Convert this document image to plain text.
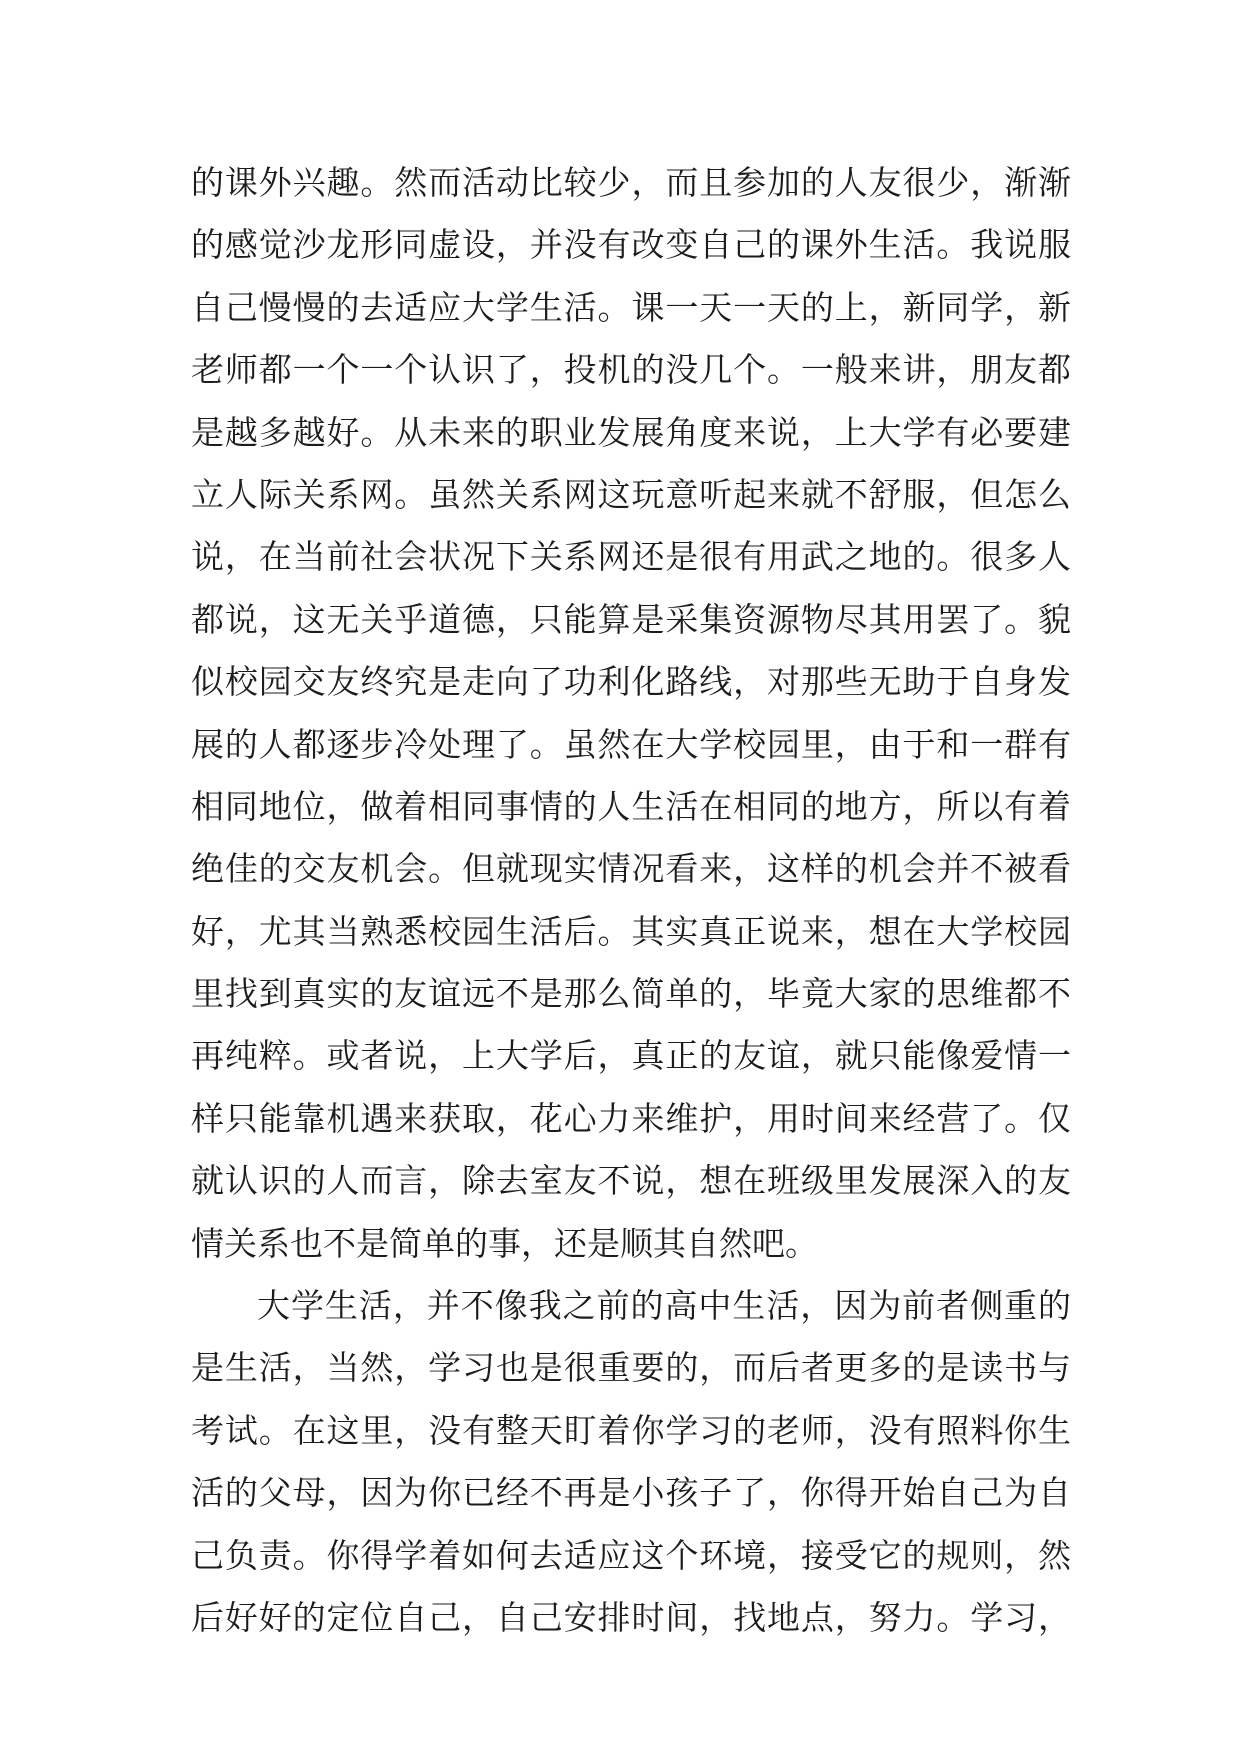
的课外兴趣。然而活动比较少，而且参加的人友很少，渐渐
的感觉沙龙形同虚设，并没有改变自己的课外生活。我说服
自己慢慢的去适应大学生活。课一天一天的上，新同学，新
老师都一个一个认识了，投机的没几个。一般来讲，朋友都
是越多越好。从未来的职业发展角度来说，上大学有必要建
立人际关系网。虽然关系网这玩意听起来就不舒服，但怎么
说，在当前社会状况下关系网还是很有用武之地的。很多人
都说，这无关乎道德，只能算是采集资源物尽其用罢了。貌
似校园交友终究是走向了功利化路线，对那些无助于自身发
展的人都逐步冷处理了。虽然在大学校园里，由于和一群有
相同地位，做着相同事情的人生活在相同的地方，所以有着
绝佳的交友机会。但就现实情况看来，这样的机会并不被看
好，尤其当熟悉校园生活后。其实真正说来，想在大学校园
里找到真实的友谊远不是那么简单的，毕竟大家的思维都不
再纯粹。或者说，上大学后，真正的友谊，就只能像爱情一
样只能靠机遇来获取，花心力来维护，用时间来经营了。仅
就认识的人而言，除去室友不说，想在班级里发展深入的友
情关系也不是简单的事，还是顺其自然吧。
大学生活，并不像我之前的高中生活，因为前者侧重的
是生活，当然，学习也是很重要的，而后者更多的是读书与
考试。在这里，没有整天盯着你学习的老师，没有照料你生
活的父母，因为你已经不再是小孩子了，你得开始自己为自
己负责。你得学着如何去适应这个环境，接受它的规则，然
后好好的定位自己，自己安排时间，找地点，努力。学习，
